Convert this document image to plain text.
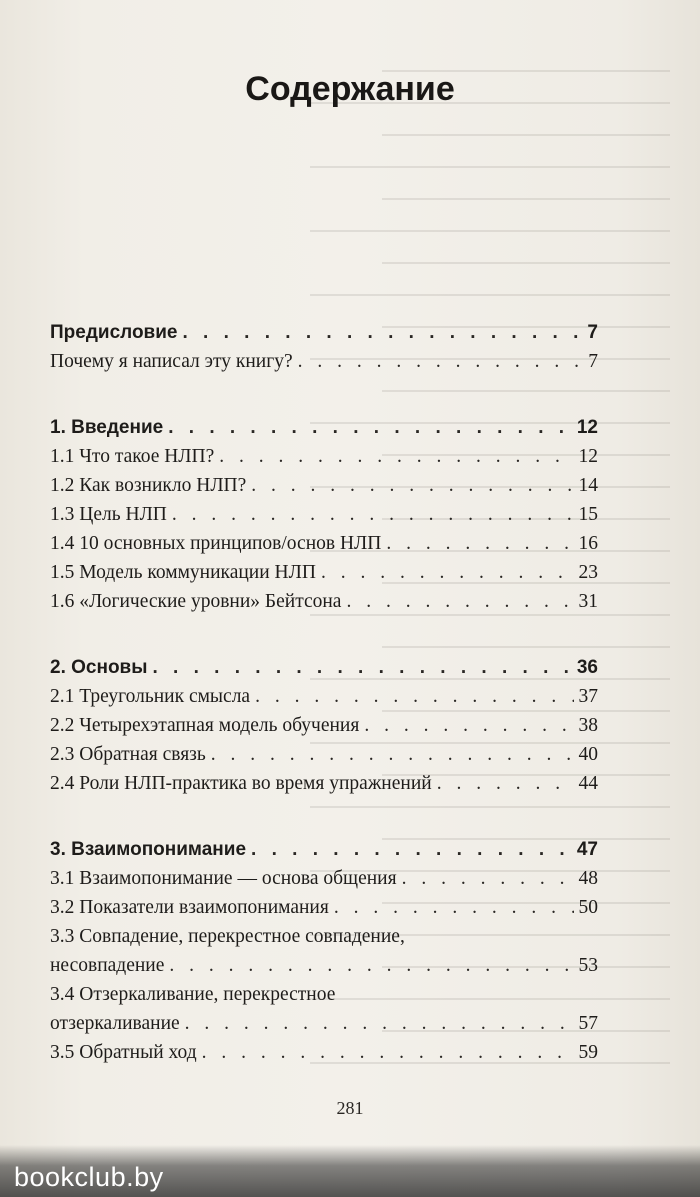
Содержание
Предисловие . . .	7
Почему я написал эту книгу? . . .	7
1. Введение . . .	12
1.1 Что такое НЛП? . . .	12
1.2 Как возникло НЛП? . . .	14
1.3 Цель НЛП . . .	15
1.4 10 основных принципов/основ НЛП . . .	16
1.5 Модель коммуникации НЛП . . .	23
1.6 «Логические уровни» Бейтсона . . .	31
2. Основы . . .	36
2.1 Треугольник смысла . . .	37
2.2 Четырехэтапная модель обучения . . .	38
2.3 Обратная связь . . .	40
2.4 Роли НЛП-практика во время упражнений . . .	44
3. Взаимопонимание . . .	47
3.1 Взаимопонимание — основа общения . . .	48
3.2 Показатели взаимопонимания . . .	50
3.3 Совпадение, перекрестное совпадение,
несовпадение . . .	53
3.4 Отзеркаливание, перекрестное
отзеркаливание . . .	57
3.5 Обратный ход . . .	59
281
bookclub.by
